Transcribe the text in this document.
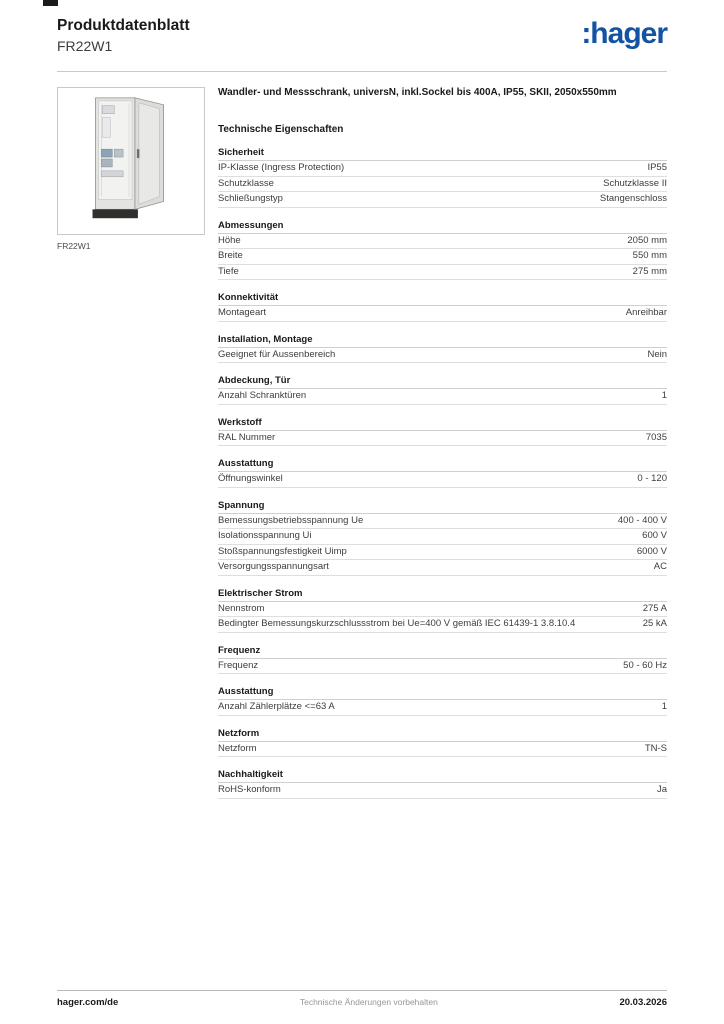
Produktdatenblatt
FR22W1	:hager
FR22W1
Wandler- und Messschrank, universN, inkl.Sockel bis 400A, IP55, SKII, 2050x550mm
Technische Eigenschaften
Sicherheit
IP-Klasse (Ingress Protection)	IP55
Schutzklasse	Schutzklasse II
Schließungstyp	Stangenschloss
Abmessungen
Höhe	2050 mm
Breite	550 mm
Tiefe	275 mm
Konnektivität
Montageart	Anreihbar
Installation, Montage
Geeignet für Aussenbereich	Nein
Abdeckung, Tür
Anzahl Schranktüren	1
Werkstoff
RAL Nummer	7035
Ausstattung
Öffnungswinkel	0 - 120
Spannung
Bemessungsbetriebsspannung Ue	400 - 400 V
Isolationsspannung Ui	600 V
Stoßspannungsfestigkeit Uimp	6000 V
Versorgungsspannungsart	AC
Elektrischer Strom
Nennstrom	275 A
Bedingter Bemessungskurzschlussstrom bei Ue=400 V gemäß IEC 61439-1 3.8.10.4	25 kA
Frequenz
Frequenz	50 - 60 Hz
Ausstattung
Anzahl Zählerplätze <=63 A	1
Netzform
Netzform	TN-S
Nachhaltigkeit
RoHS-konform	Ja
hager.com/de	Technische Änderungen vorbehalten	20.03.2026
